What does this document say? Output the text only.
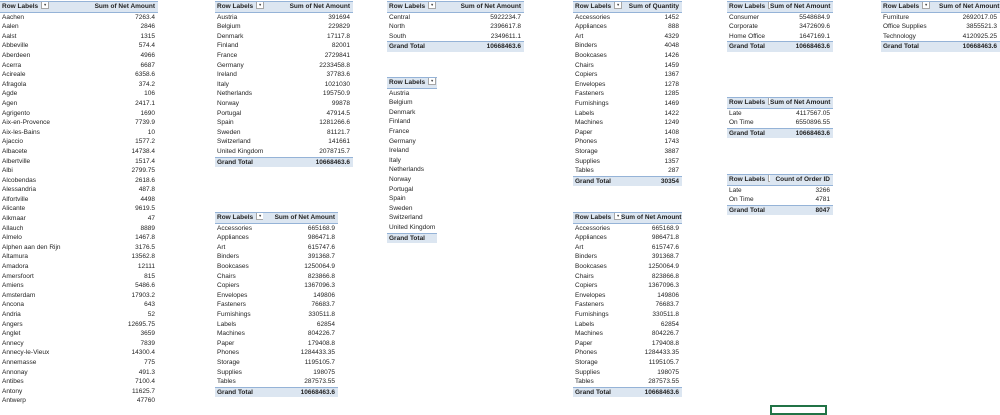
Row Labels ▾	Sum of Net Amount
Aachen	7263.4
Aalen	2846
Aalst	1315
Abbeville	574.4
Aberdeen	4966
Acerra	6687
Acireale	6358.6
Afragola	374.2
Agde	106
Agen	2417.1
Agrigento	1690
Aix-en-Provence	7739.9
Aix-les-Bains	10
Ajaccio	1577.2
Albacete	14738.4
Albertville	1517.4
Albi	2799.75
Alcobendas	2618.6
Alessandria	487.8
Alfortville	4498
Alicante	9619.5
Alkmaar	47
Allauch	8889
Almelo	1467.8
Alphen aan den Rijn	3176.5
Altamura	13562.8
Amadora	12111
Amersfoort	815
Amiens	5486.6
Amsterdam	17903.2
Ancona	643
Andria	52
Angers	12695.75
Anglet	3659
Annecy	7839
Annecy-le-Vieux	14300.4
Annemasse	775
Annonay	491.3
Antibes	7100.4
Antony	11625.7
Antwerp	47760
Row Labels ▾	Sum of Net Amount
Austria	391694
Belgium	229829
Denmark	17117.8
Finland	82001
France	2729841
Germany	2233458.8
Ireland	37783.6
Italy	1021030
Netherlands	195750.9
Norway	99878
Portugal	47914.5
Spain	1281266.6
Sweden	81121.7
Switzerland	141661
United Kingdom	2078715.7
Grand Total	10668463.6
Row Labels ▾	Sum of Net Amount
Central	5922234.7
North	2396617.8
South	2349611.1
Grand Total	10668463.6
Row Labels ▾
Austria
Belgium
Denmark
Finland
France
Germany
Ireland
Italy
Netherlands
Norway
Portugal
Spain
Sweden
Switzerland
United Kingdom
Grand Total
Row Labels ▾	Sum of Quantity
Accessories	1452
Appliances	888
Art	4329
Binders	4048
Bookcases	1426
Chairs	1459
Copiers	1367
Envelopes	1278
Fasteners	1285
Furnishings	1469
Labels	1422
Machines	1249
Paper	1408
Phones	1743
Storage	3887
Supplies	1357
Tables	287
Grand Total	30354
Row Labels ▾	Sum of Net Amount
Accessories	665168.9
Appliances	986471.8
Art	615747.6
Binders	391368.7
Bookcases	1250064.9
Chairs	823866.8
Copiers	1367096.3
Envelopes	149806
Fasteners	76683.7
Furnishings	330511.8
Labels	62854
Machines	804226.7
Paper	179408.8
Phones	1284433.35
Storage	1195105.7
Supplies	198075
Tables	287573.55
Grand Total	10668463.6
Row Labels ▾ Sum of Net Amount
Accessories	665168.9
Appliances	986471.8
Art	615747.6
Binders	391368.7
Bookcases	1250064.9
Chairs	823866.8
Copiers	1367096.3
Envelopes	149806
Fasteners	76683.7
Furnishings	330511.8
Labels	62854
Machines	804226.7
Paper	179408.8
Phones	1284433.35
Storage	1195105.7
Supplies	198075
Tables	287573.55
Grand Total	10668463.6
Row Labels Sum of Net Amount
Consumer	5548684.9
Corporate	3472609.6
Home Office	1647169.1
Grand Total	10668463.6
Row Labels Sum of Net Amount
Late	4117567.05
On Time	6550896.55
Grand Total	10668463.6
Row Labels	Count of Order ID
Late	3266
On Time	4781
Grand Total	8047
Row Labels ▾	Sum of Net Amount
Furniture	2692017.05
Office Supplies	3855521.3
Technology	4120925.25
Grand Total	10668463.6
